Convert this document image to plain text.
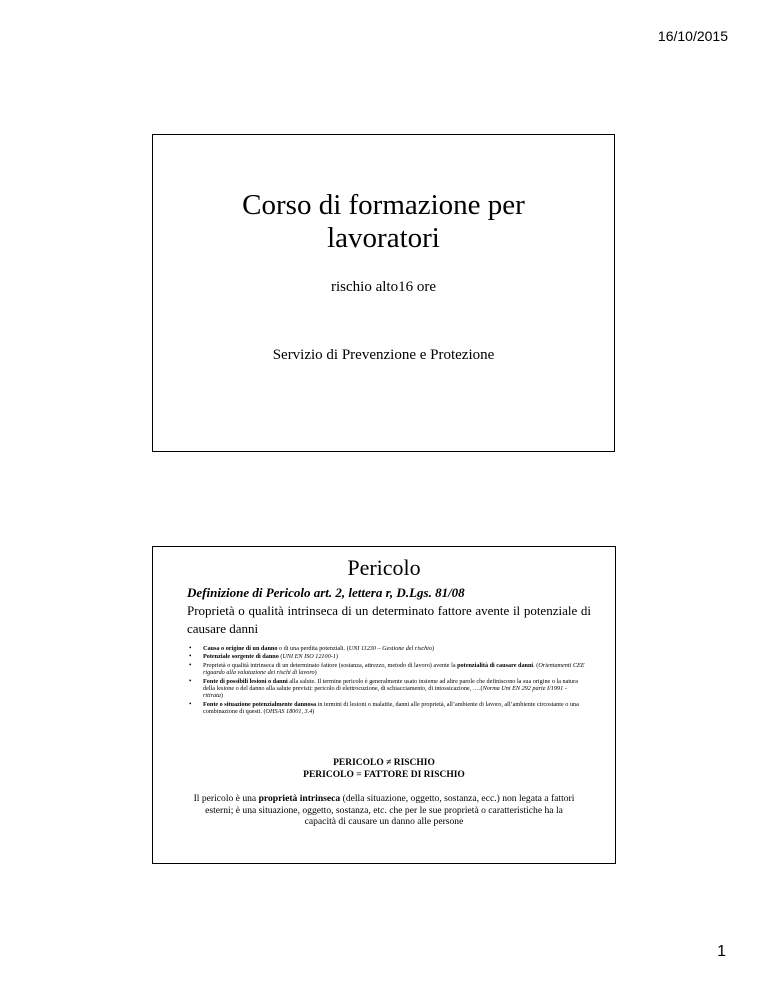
16/10/2015
Corso di formazione per
lavoratori

rischio alto16 ore

Servizio di Prevenzione e Protezione

Pericolo

Definizione di Pericolo art. 2, lettera r, D.Lgs. 81/08

Proprietà o qualità intrinseca di un determinato fattore avente il potenziale di causare danni

• Causa o origine di un danno o di una perdita potenziali. (UNI 11230 – Gestione del rischio)
• Potenziale sorgente di danno (UNI EN ISO 12100-1)
• Proprietà o qualità intrinseca di un determinato fattore (sostanza, attrezzo, metodo di lavoro) avente la potenzialità di causare danni. (Orientamenti CEE riguardo alla valutazione dei rischi di lavoro)
• Fonte di possibili lesioni o danni alla salute. Il termine pericolo è generalmente usato insieme ad altre parole che definiscono la sua origine o la natura della lesione o del danno alla salute previsti: pericolo di elettrocuzione, di schiacciamento, di intossicazione, ….(Norma Uni EN 292 parte I/1991 - ritirata)
• Fonte o situazione potenzialmente dannosa in termini di lesioni o malattie, danni alle proprietà, all’ambiente di lavoro, all’ambiente circostante o una combinazione di questi. (OHSAS 18001, 3.4)
PERICOLO ≠ RISCHIO
PERICOLO = FATTORE DI RISCHIO

Il pericolo è una proprietà intrinseca (della situazione, oggetto, sostanza, ecc.) non legata a fattori esterni; è una situazione, oggetto, sostanza, etc. che per le sue proprietà o caratteristiche ha la capacità di causare un danno alle persone

1
